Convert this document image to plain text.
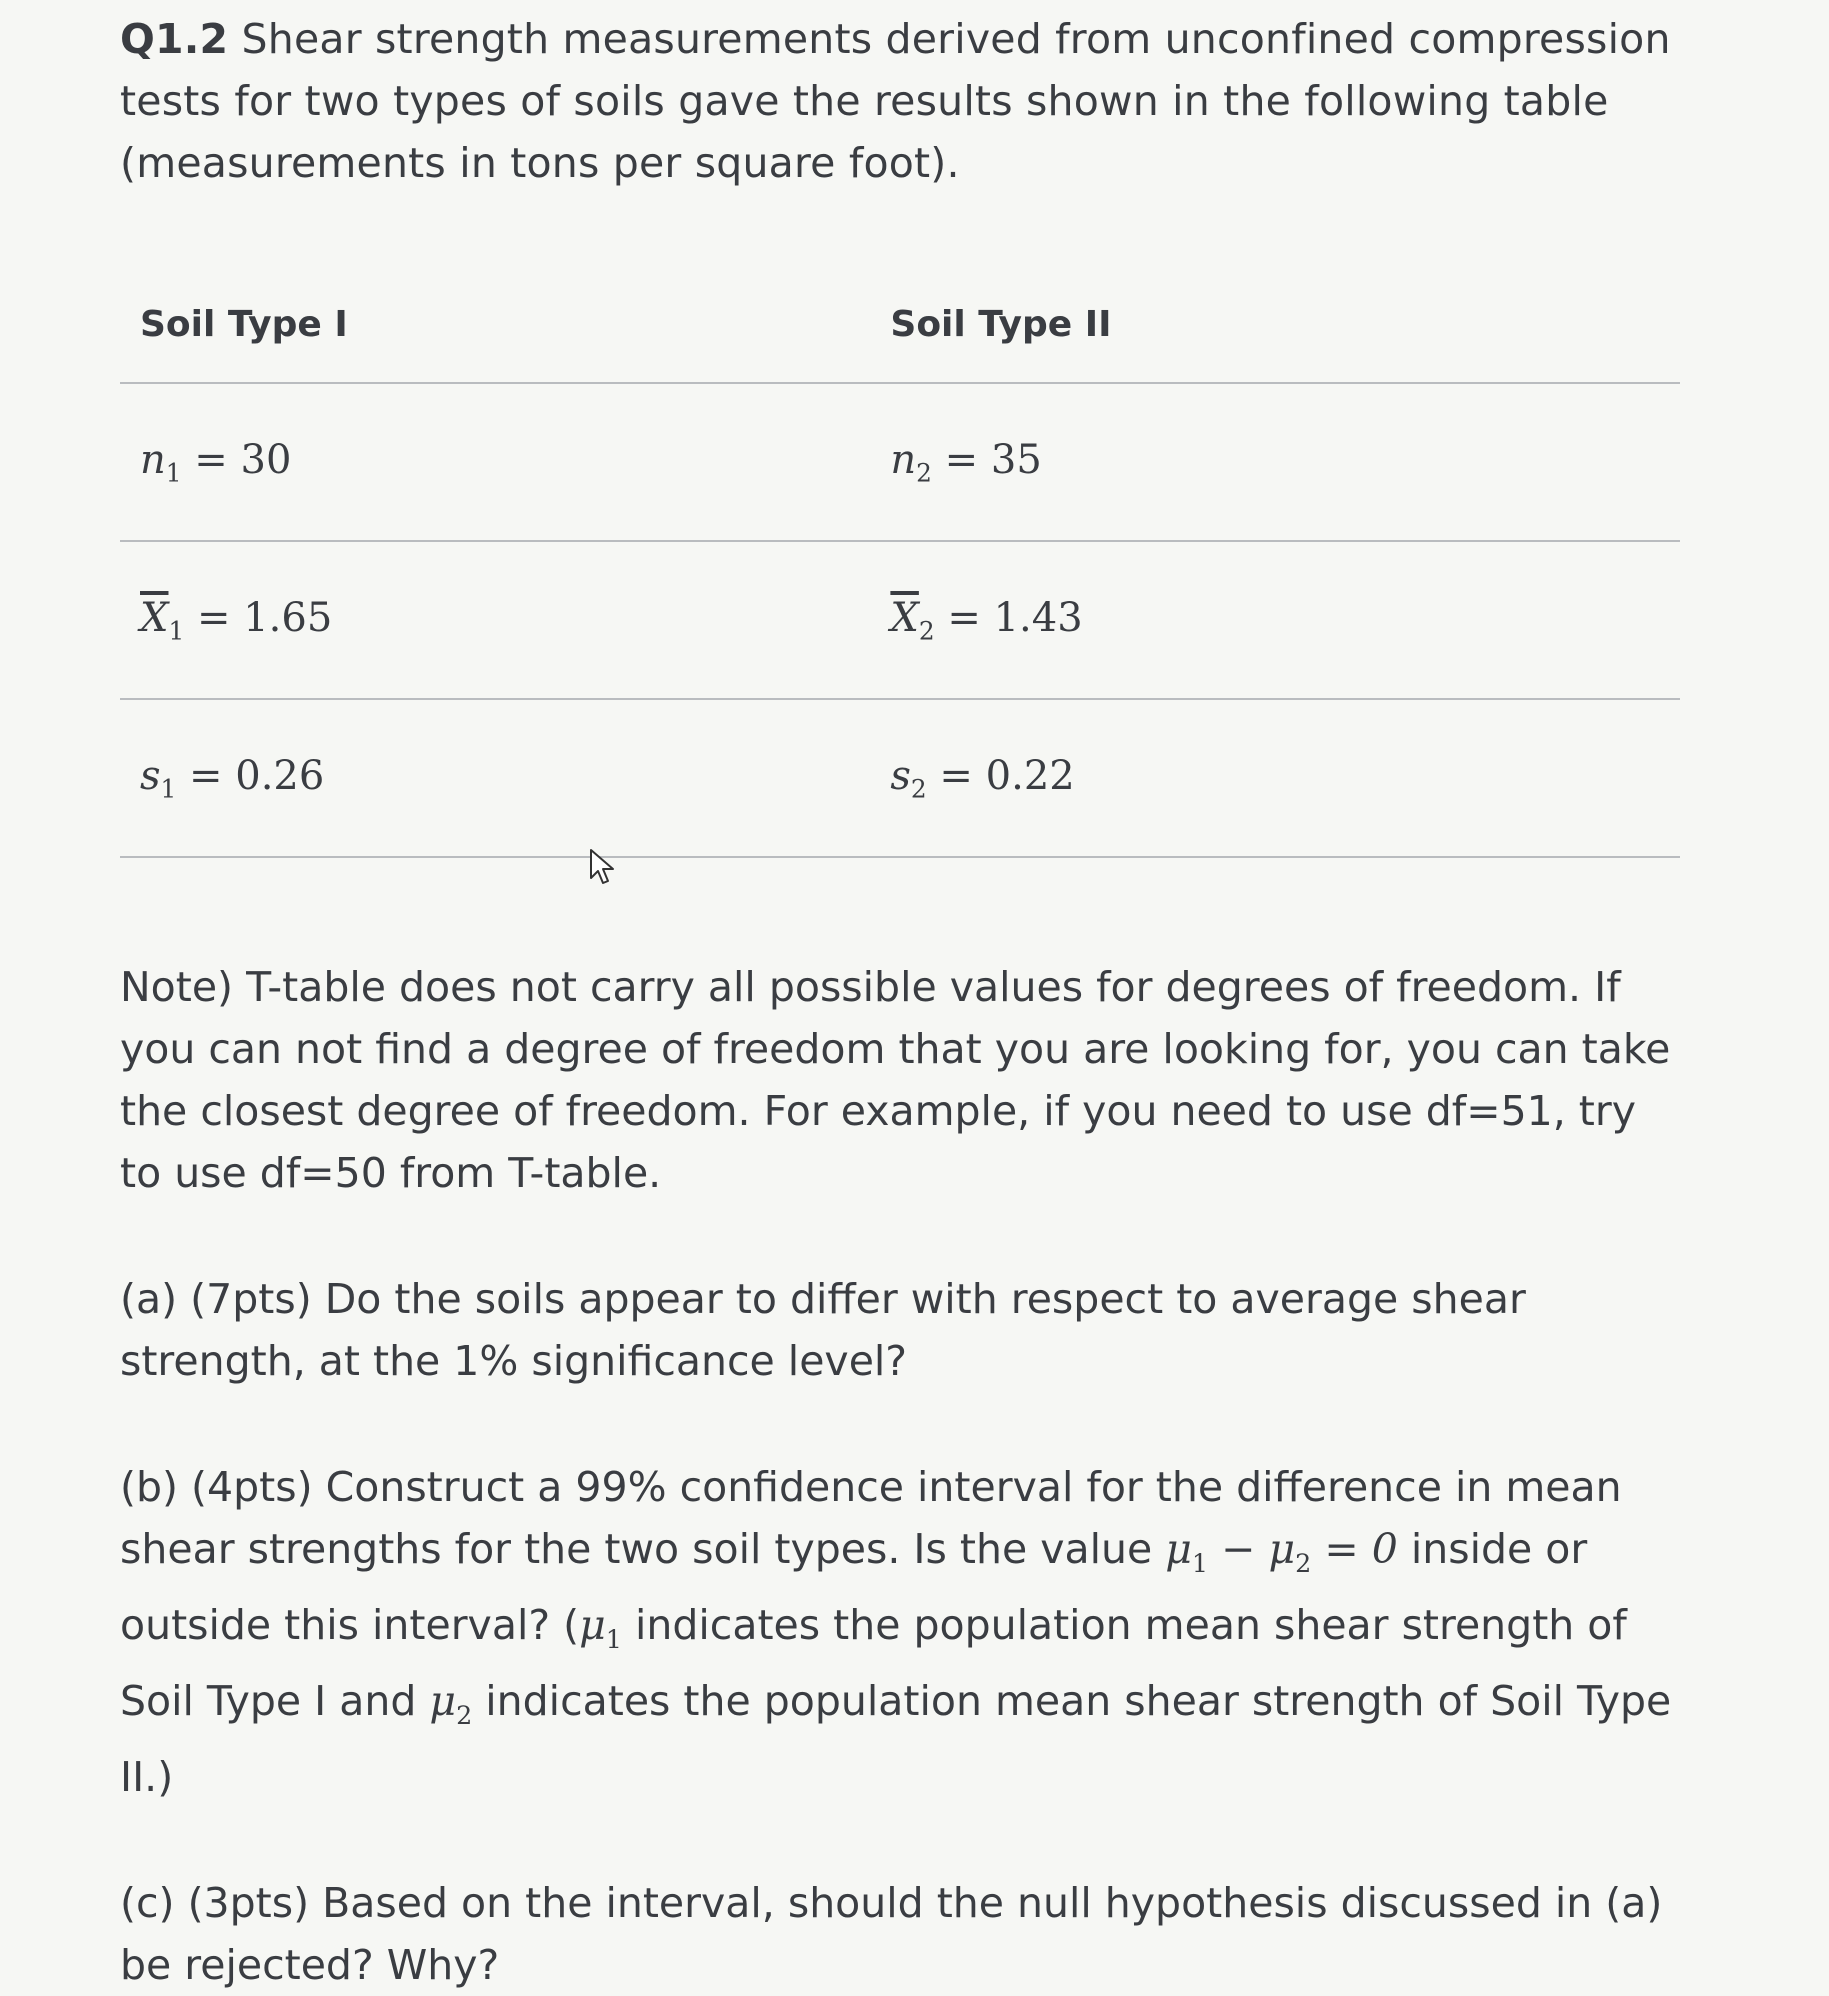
Q1.2 Shear strength measurements derived from unconfined compression tests for two types of soils gave the results shown in the following table (measurements in tons per square foot).

Soil Type I	Soil Type II
$n_1 = 30$	$n_2 = 35$
$\overline{X}_1 = 1.65$	$\overline{X}_2 = 1.43$
$s_1 = 0.26$	$s_2 = 0.22$

Note) T-table does not carry all possible values for degrees of freedom. If you can not find a degree of freedom that you are looking for, you can take the closest degree of freedom. For example, if you need to use df=51, try to use df=50 from T-table.

(a) (7pts) Do the soils appear to differ with respect to average shear strength, at the 1% significance level?

(b) (4pts) Construct a 99% confidence interval for the difference in mean shear strengths for the two soil types. Is the value $\mu_1 - \mu_2 = 0$ inside or outside this interval? ($\mu_1$ indicates the population mean shear strength of Soil Type I and $\mu_2$ indicates the population mean shear strength of Soil Type II.)

(c) (3pts) Based on the interval, should the null hypothesis discussed in (a) be rejected? Why?
